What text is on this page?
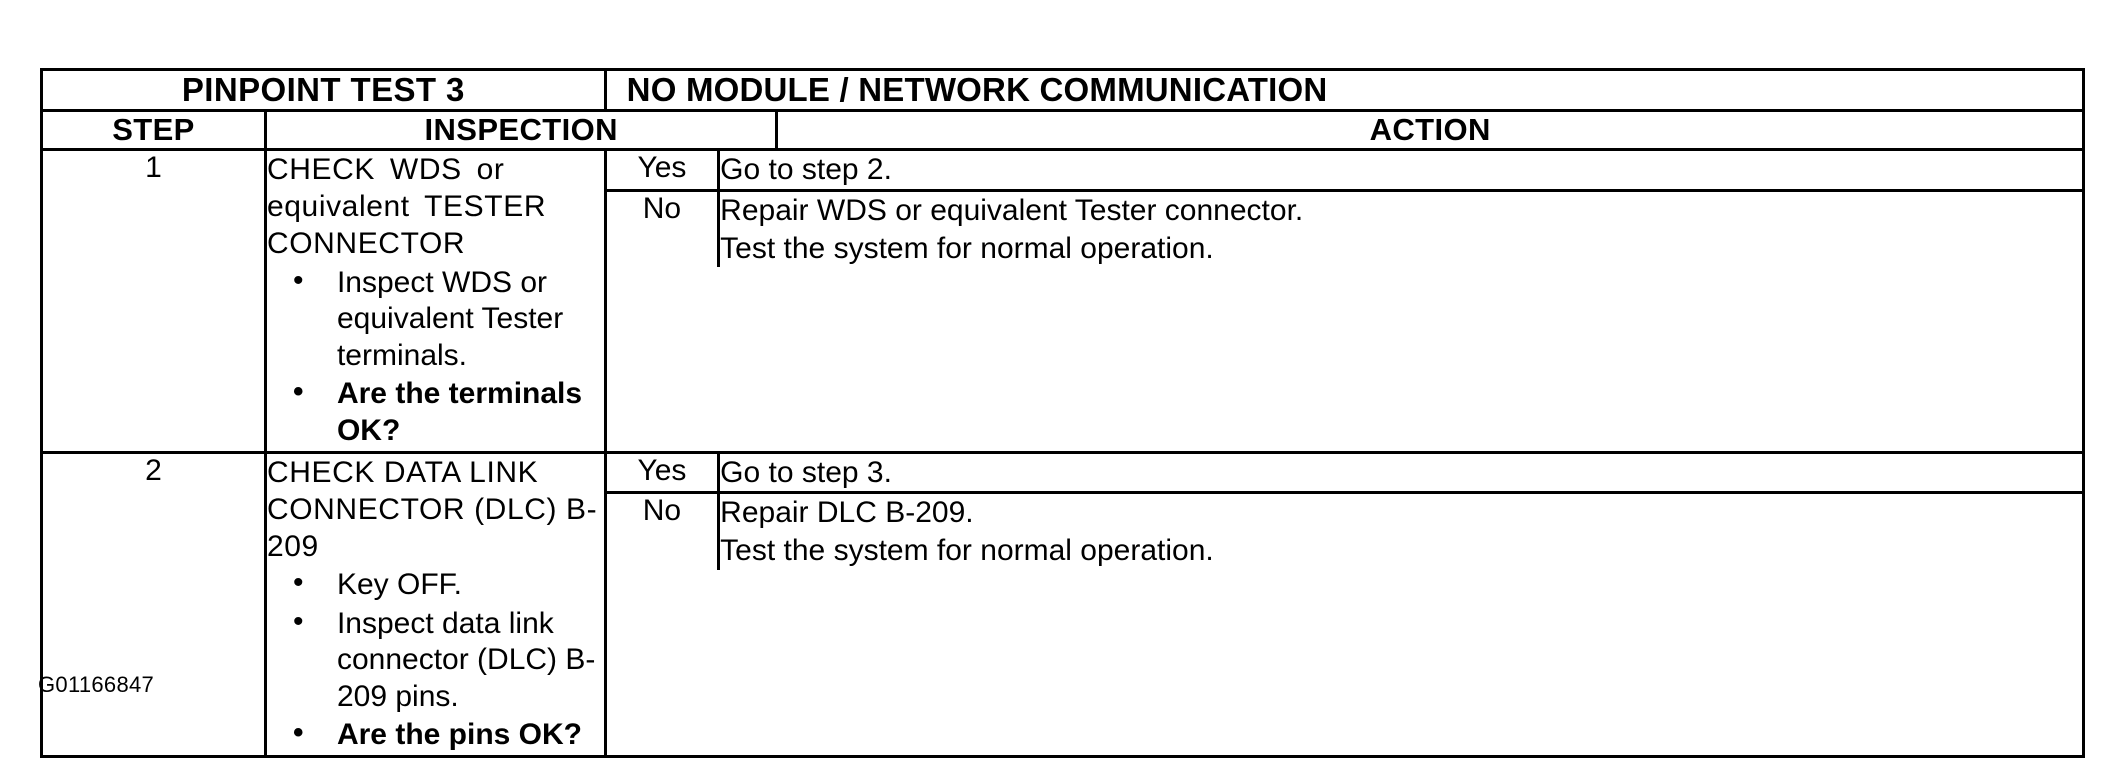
PINPOINT TEST 3	NO MODULE / NETWORK COMMUNICATION
STEP	INSPECTION	ACTION
1	CHECK WDS or equivalent TESTER CONNECTOR
• Inspect WDS or equivalent Tester terminals.
• Are the terminals OK?

Yes	Go to step 2.

No	Repair WDS or equivalent Tester connector.
Test the system for normal operation.

2	CHECK DATA LINK CONNECTOR (DLC) B-209
• Key OFF.
• Inspect data link connector (DLC) B-209 pins.
• Are the pins OK?

Yes	Go to step 3.

No	Repair DLC B-209.
Test the system for normal operation.
G01166847
